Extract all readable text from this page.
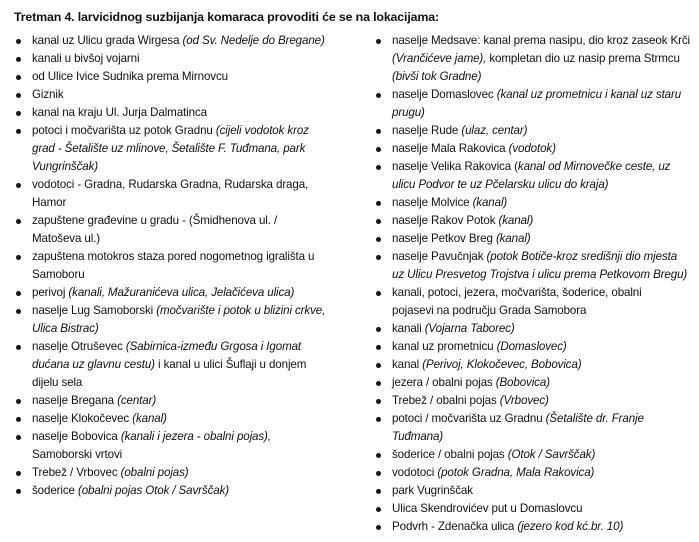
Tretman 4. larvicidnog suzbijanja komaraca provoditi će se na lokacijama:
kanal uz Ulicu grada Wirgesa (od Sv. Nedelje do Bregane)
kanali u bivšoj vojarni
od Ulice Ivice Sudnika prema Mirnovcu
Giznik
kanal na kraju Ul. Jurja Dalmatinca
potoci i močvarišta uz potok Gradnu (cijeli vodotok kroz
grad - Šetalište uz mlinove, Šetalište F. Tuđmana, park
Vungrinščak)
vodotoci - Gradna, Rudarska Gradna, Rudarska draga,
Hamor
zapuštene građevine u gradu - (Šmidhenova ul. /
Matoševa ul.)
zapuštena motokros staza pored nogometnog igrališta u
Samoboru
perivoj (kanali, Mažuranićeva ulica, Jelačićeva ulica)
naselje Lug Samoborski (močvarište i potok u blizini crkve,
Ulica Bistrac)
naselje Otruševec (Sabirnica-između Grgosa i Igomat
dućana uz glavnu cestu) i kanal u ulici Šuflaji u donjem
dijelu sela
naselje Bregana (centar)
naselje Klokočevec (kanal)
naselje Bobovica (kanali i jezera - obalni pojas),
Samoborski vrtovi
Trebež / Vrbovec (obalni pojas)
šoderice (obalni pojas Otok / Savrščak)
naselje Medsave: kanal prema nasipu, dio kroz zaseok Krči
(Vrančićeve jame), kompletan dio uz nasip prema Strmcu
(bivši tok Gradne)
naselje Domaslovec (kanal uz prometnicu i kanal uz staru
prugu)
naselje Rude (ulaz, centar)
naselje Mala Rakovica (vodotok)
naselje Velika Rakovica (kanal od Mirnovečke ceste, uz
ulicu Podvor te uz Pčelarsku ulicu do kraja)
naselje Molvice (kanal)
naselje Rakov Potok (kanal)
naselje Petkov Breg (kanal)
naselje Pavučnjak (potok Botiče-kroz središnji dio mjesta
uz Ulicu Presvetog Trojstva i ulicu prema Petkovom Bregu)
kanali, potoci, jezera, močvarišta, šoderice, obalni
pojasevi na području Grada Samobora
kanali (Vojarna Taborec)
kanal uz prometnicu (Domaslovec)
kanal (Perivoj, Klokočevec, Bobovica)
jezera / obalni pojas (Bobovica)
Trebež / obalni pojas (Vrbovec)
potoci / močvarišta uz Gradnu (Šetalište dr. Franje
Tuđmana)
šoderice / obalni pojas (Otok / Savrščak)
vodotoci (potok Gradna, Mala Rakovica)
park Vugrinščak
Ulica Skendrovićev put u Domaslovcu
Podvrh - Zdenačka ulica (jezero kod kć.br. 10)
